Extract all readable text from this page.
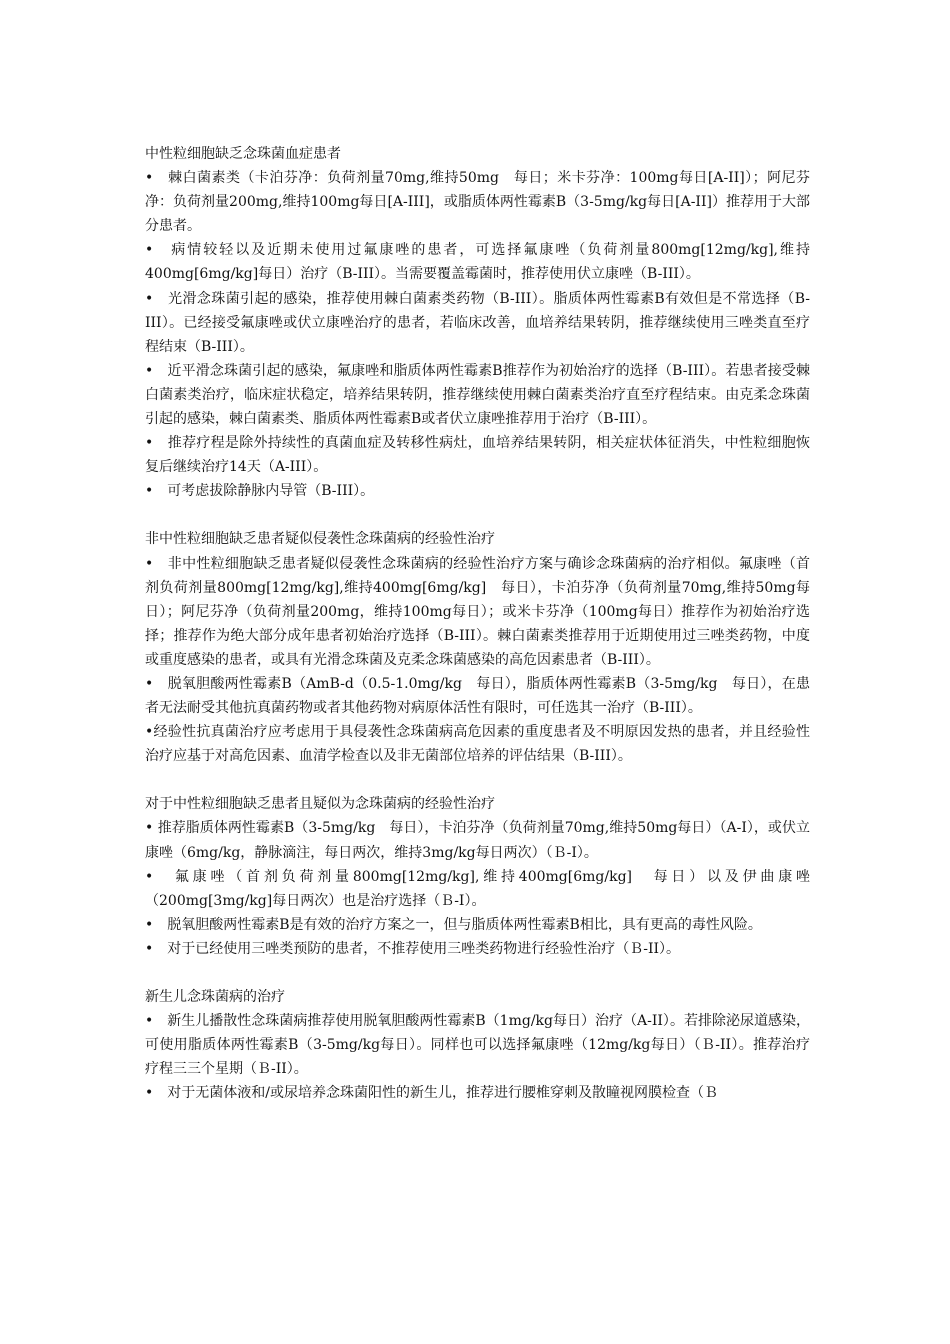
中性粒细胞缺乏念珠菌血症患者

•　棘白菌素类（卡泊芬净：负荷剂量70mg,维持50mg　每日；米卡芬净：100mg每日[A-II]）；阿尼芬净：负荷剂量200mg,维持100mg每日[A-III]，或脂质体两性霉素B（3-5mg/kg每日[A-II]）推荐用于大部分患者。

•　病情较轻以及近期未使用过氟康唑的患者，可选择氟康唑（负荷剂量800mg[12mg/kg],维持400mg[6mg/kg]每日）治疗（B-III）。当需要覆盖霉菌时，推荐使用伏立康唑（B-III）。

•　光滑念珠菌引起的感染，推荐使用棘白菌素类药物（B-III）。脂质体两性霉素B有效但是不常选择（B-III）。已经接受氟康唑或伏立康唑治疗的患者，若临床改善，血培养结果转阴，推荐继续使用三唑类直至疗程结束（B-III）。

•　近平滑念珠菌引起的感染，氟康唑和脂质体两性霉素B推荐作为初始治疗的选择（B-III）。若患者接受棘白菌素类治疗，临床症状稳定，培养结果转阴，推荐继续使用棘白菌素类治疗直至疗程结束。由克柔念珠菌引起的感染，棘白菌素类、脂质体两性霉素B或者伏立康唑推荐用于治疗（B-III）。

•　推荐疗程是除外持续性的真菌血症及转移性病灶，血培养结果转阴，相关症状体征消失，中性粒细胞恢复后继续治疗14天（A-III）。

•　可考虑拔除静脉内导管（B-III）。

非中性粒细胞缺乏患者疑似侵袭性念珠菌病的经验性治疗

•　非中性粒细胞缺乏患者疑似侵袭性念珠菌病的经验性治疗方案与确诊念珠菌病的治疗相似。氟康唑（首剂负荷剂量800mg[12mg/kg],维持400mg[6mg/kg]　每日），卡泊芬净（负荷剂量70mg,维持50mg每日）；阿尼芬净（负荷剂量200mg，维持100mg每日）；或米卡芬净（100mg每日）推荐作为初始治疗选择；推荐作为绝大部分成年患者初始治疗选择（B-III）。棘白菌素类推荐用于近期使用过三唑类药物，中度或重度感染的患者，或具有光滑念珠菌及克柔念珠菌感染的高危因素患者（B-III）。

•　脱氧胆酸两性霉素B（AmB-d（0.5-1.0mg/kg　每日），脂质体两性霉素B（3-5mg/kg　每日），在患者无法耐受其他抗真菌药物或者其他药物对病原体活性有限时，可任选其一治疗（B-III）。

•经验性抗真菌治疗应考虑用于具侵袭性念珠菌病高危因素的重度患者及不明原因发热的患者，并且经验性治疗应基于对高危因素、血清学检查以及非无菌部位培养的评估结果（B-III）。

对于中性粒细胞缺乏患者且疑似为念珠菌病的经验性治疗

• 推荐脂质体两性霉素B（3-5mg/kg　每日），卡泊芬净（负荷剂量70mg,维持50mg每日）（A-I），或伏立康唑（6mg/kg，静脉滴注，每日两次，维持3mg/kg每日两次）（Ｂ-I）。

•　氟康唑（首剂负荷剂量800mg[12mg/kg],维持400mg[6mg/kg]　每日）以及伊曲康唑（200mg[3mg/kg]每日两次）也是治疗选择（Ｂ-I）。

•　脱氧胆酸两性霉素B是有效的治疗方案之一，但与脂质体两性霉素B相比，具有更高的毒性风险。

•　对于已经使用三唑类预防的患者，不推荐使用三唑类药物进行经验性治疗（Ｂ-II）。

新生儿念珠菌病的治疗

•　新生儿播散性念珠菌病推荐使用脱氧胆酸两性霉素B（1mg/kg每日）治疗（A-II）。若排除泌尿道感染，可使用脂质体两性霉素B（3-5mg/kg每日）。同样也可以选择氟康唑（12mg/kg每日）（Ｂ-II）。推荐治疗疗程三三个星期（Ｂ-II）。

•　对于无菌体液和/或尿培养念珠菌阳性的新生儿，推荐进行腰椎穿刺及散瞳视网膜检查（Ｂ
